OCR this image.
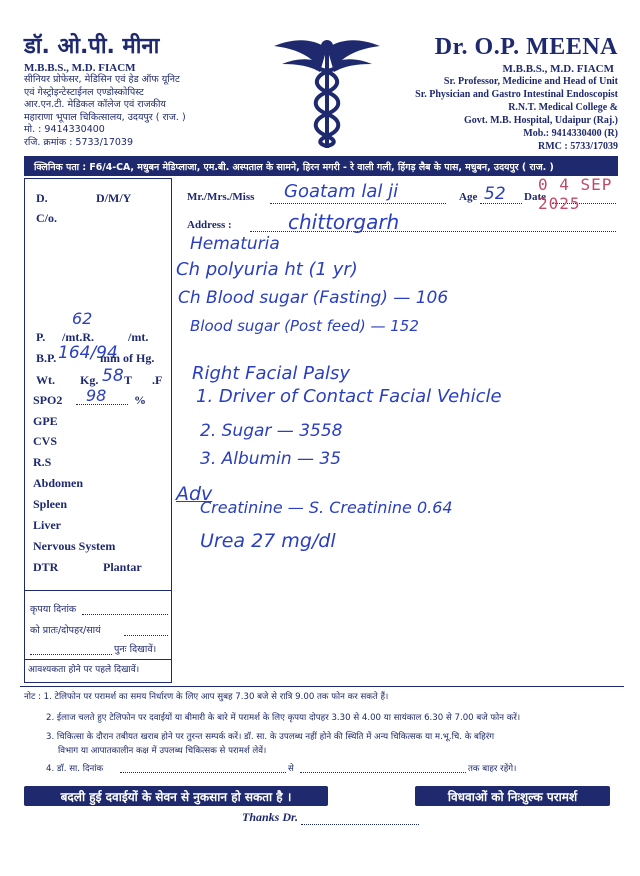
डॉ. ओ.पी. मीना
M.B.B.S., M.D. FIACM
सीनियर प्रोफेसर, मेडिसिन एवं हेड ऑफ यूनिट
एवं गेस्ट्रोइन्टेस्टाईनल एण्डोस्कोपिस्ट
आर.एन.टी. मेडिकल कॉलेज एवं राजकीय
महाराणा भूपाल चिकित्सालय, उदयपुर ( राज. )
मो. : 9414330400
रजि. क्रमांक : 5733/17039
Dr. O.P. MEENA
M.B.B.S., M.D. FIACM
Sr. Professor, Medicine and Head of Unit
Sr. Physician and Gastro Intestinal Endoscopist
R.N.T. Medical College &
Govt. M.B. Hospital, Udaipur (Raj.)
Mob.: 9414330400 (R)
RMC : 5733/17039
क्लिनिक पता : F6/4-CA, मधुबन मेडिप्लाजा, एम.बी. अस्पताल के सामने, हिरन मगरी - रे वाली गली, हिंगड़ लैब के पास, मधुबन, उदयपुर ( राज. )
D.	D/M/Y
C/o.
62
P. /mt.R.	/mt.
B.P. 164/94
mm of Hg.
Wt. Kg. 58 T .F
SPO2 98 %
GPE
CVS
R.S
Abdomen
Spleen
Liver
Nervous System
DTR	Plantar
कृपया दिनांक
को प्रातः/दोपहर/सायं
पुनः दिखावें।
आवश्यकता होने पर पहले दिखावें।
Mr./Mrs./Miss Goatam lal ji	Age 52 Date
0 4 SEP 2025
Address :	chittorgarh
Hematuria
Ch polyuria ht (1 yr)
Ch Blood sugar (Fasting) — 106
Blood sugar (Post feed) — 152
Right Facial Palsy
1. Driver of Contact Facial Vehicle
2. Sugar — 3558
3. Albumin — 35
Adv
Creatinine — S. Creatinine 0.64
Urea 27 mg/dl
नोट : 1. टेलिफोन पर परामर्श का समय निर्धारण के लिए आप सुबह 7.30 बजे से रात्रि 9.00 तक फोन कर सकते हैं।
2. ईलाज चलते हुए टेलिफोन पर दवाईयों या बीमारी के बारे में परामर्श के लिए कृपया दोपहर 3.30 से 4.00 या सायंकाल 6.30 से 7.00 बजे फोन करें।
3. चिकित्सा के दौरान तबीयत खराब होने पर तुरन्त सम्पर्क करें। डॉ. सा. के उपलब्ध नहीं होने की स्थिति में अन्य चिकित्सक या म.भू.चि. के बहिरंग
विभाग या आपातकालीन कक्ष में उपलब्ध चिकित्सक से परामर्श लेवें।
4. डॉ. सा. दिनांक	से	तक बाहर रहेंगे।
बदली हुई दवाईयों के सेवन से नुकसान हो सकता है ।	विधवाओं को निःशुल्क परामर्श
Thanks Dr.
